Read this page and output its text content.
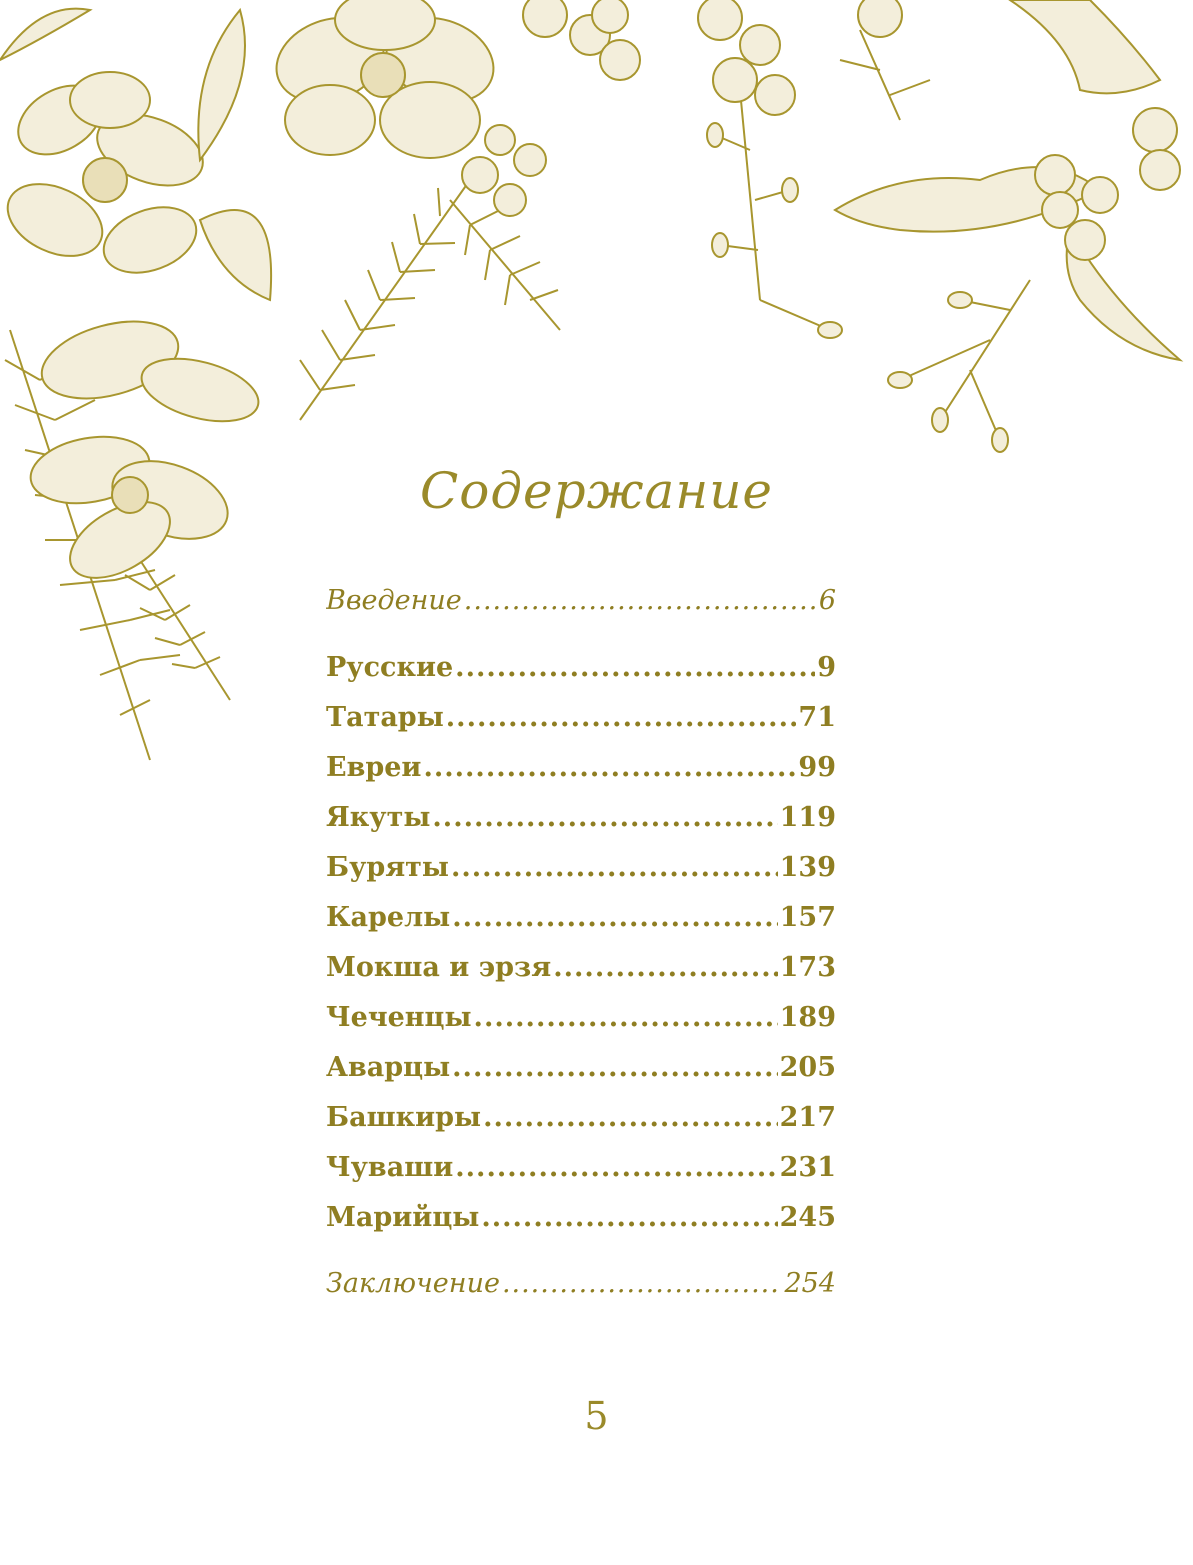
Содержание
Введение .....	6
Русские .....	9
Татары .....	71
Евреи .....	99
Якуты .....	119
Буряты .....	139
Карелы .....	157
Мокша и эрзя .....	173
Чеченцы .....	189
Аварцы .....	205
Башкиры .....	217
Чуваши .....	231
Марийцы .....	245
Заключение .....	254
5
